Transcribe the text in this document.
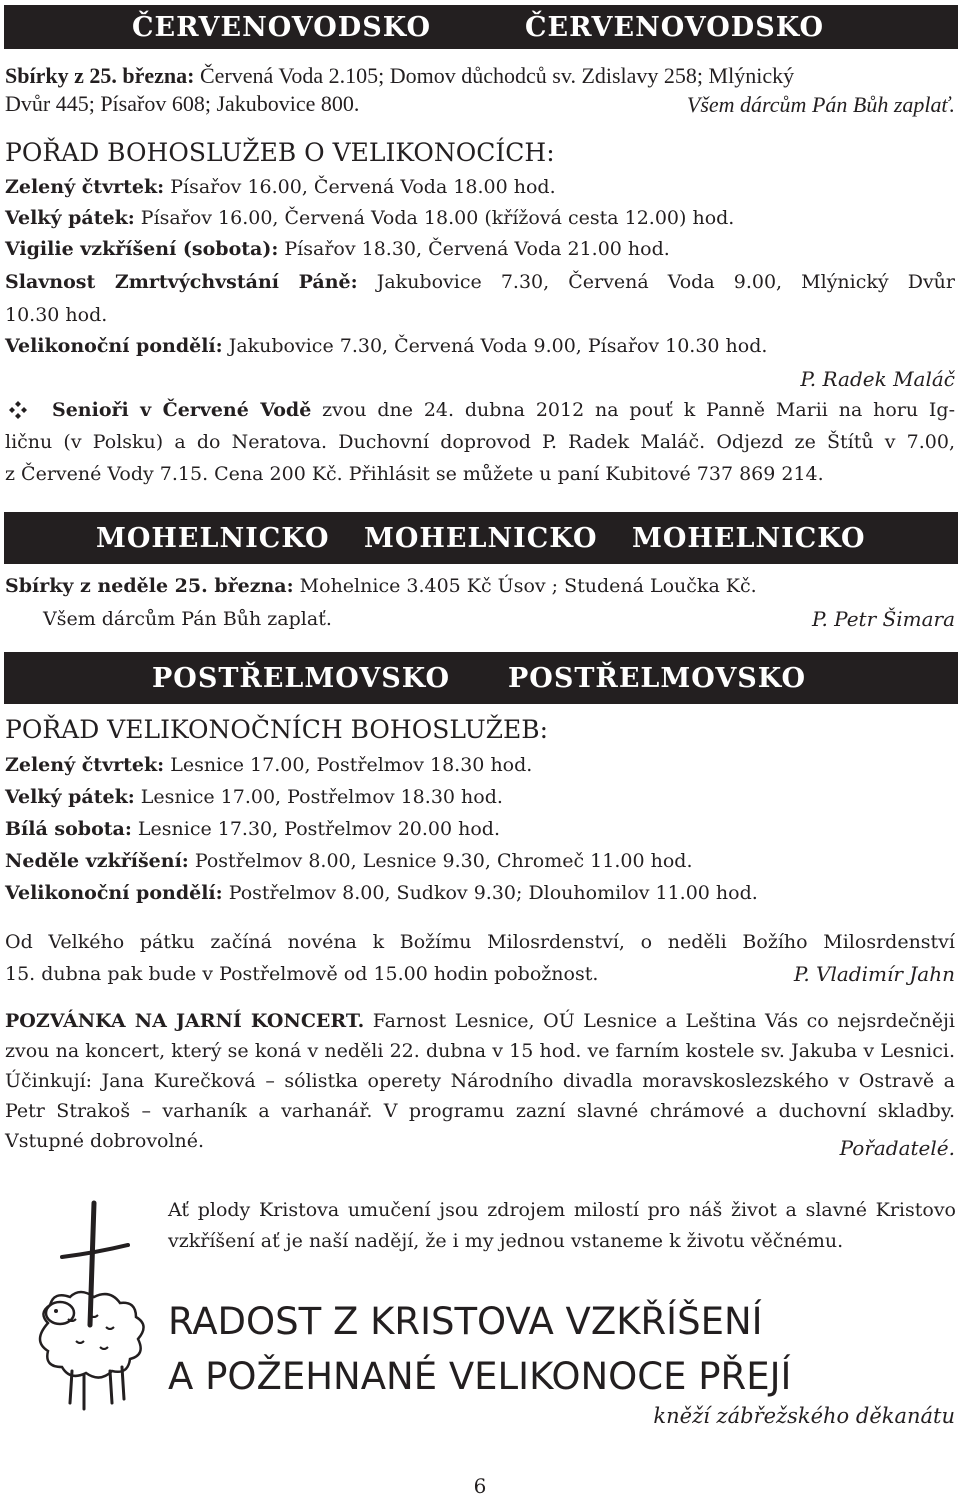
ČERVENOVODSKO	ČERVENOVODSKO
Sbírky z 25. března: Červená Voda 2.105; Domov důchodců sv. Zdislavy 258; Mlýnický
Dvůr 445; Písařov 608; Jakubovice 800.	Všem dárcům Pán Bůh zaplať.
POŘAD BOHOSLUŽEB O VELIKONOCÍCH:
Zelený čtvrtek: Písařov 16.00, Červená Voda 18.00 hod.
Velký pátek: Písařov 16.00, Červená Voda 18.00 (křížová cesta 12.00) hod.
Vigilie vzkříšení (sobota): Písařov 18.30, Červená Voda 21.00 hod.
Slavnost Zmrtvýchvstání Páně: Jakubovice 7.30, Červená Voda 9.00, Mlýnický Dvůr
10.30 hod.
Velikonoční pondělí: Jakubovice 7.30, Červená Voda 9.00, Písařov 10.30 hod.
P. Radek Maláč
Senioři v Červené Vodě zvou dne 24. dubna 2012 na pouť k Panně Marii na horu Ig-
ličnu (v Polsku) a do Neratova. Duchovní doprovod P. Radek Maláč. Odjezd ze Štítů v 7.00,
z Červené Vody 7.15. Cena 200 Kč. Přihlásit se můžete u paní Kubitové 737 869 214.
MOHELNICKO MOHELNICKO MOHELNICKO
Sbírky z neděle 25. března: Mohelnice 3.405 Kč Úsov ; Studená Loučka Kč.
Všem dárcům Pán Bůh zaplať.	P. Petr Šimara
POSTŘELMOVSKO POSTŘELMOVSKO
POŘAD VELIKONOČNÍCH BOHOSLUŽEB:
Zelený čtvrtek: Lesnice 17.00, Postřelmov 18.30 hod.
Velký pátek: Lesnice 17.00, Postřelmov 18.30 hod.
Bílá sobota: Lesnice 17.30, Postřelmov 20.00 hod.
Neděle vzkříšení: Postřelmov 8.00, Lesnice 9.30, Chromeč 11.00 hod.
Velikonoční pondělí: Postřelmov 8.00, Sudkov 9.30; Dlouhomilov 11.00 hod.
Od Velkého pátku začíná novéna k Božímu Milosrdenství, o neděli Božího Milosrdenství
15. dubna pak bude v Postřelmově od 15.00 hodin pobožnost.	P. Vladimír Jahn
POZVÁNKA NA JARNÍ KONCERT. Farnost Lesnice, OÚ Lesnice a Leština Vás co nejsrdečněji zvou na koncert, který se koná v neděli 22. dubna v 15 hod. ve farním kostele sv. Jakuba v Lesnici. Účinkují: Jana Kurečková – sólistka operety Národního divadla moravskoslezského v Ostravě a Petr Strakoš – varhaník a varhanář. V programu zazní slavné chrámové a duchovní skladby. Vstupné dobrovolné.	Pořadatelé.
Ať plody Kristova umučení jsou zdrojem milostí pro náš život a slavné Kristovo vzkříšení ať je naší nadějí, že i my jednou vstaneme k životu věčnému.
RADOST Z KRISTOVA VZKŘÍŠENÍ
A POŽEHNANÉ VELIKONOCE PŘEJÍ
kněží zábřežského děkanátu
6
